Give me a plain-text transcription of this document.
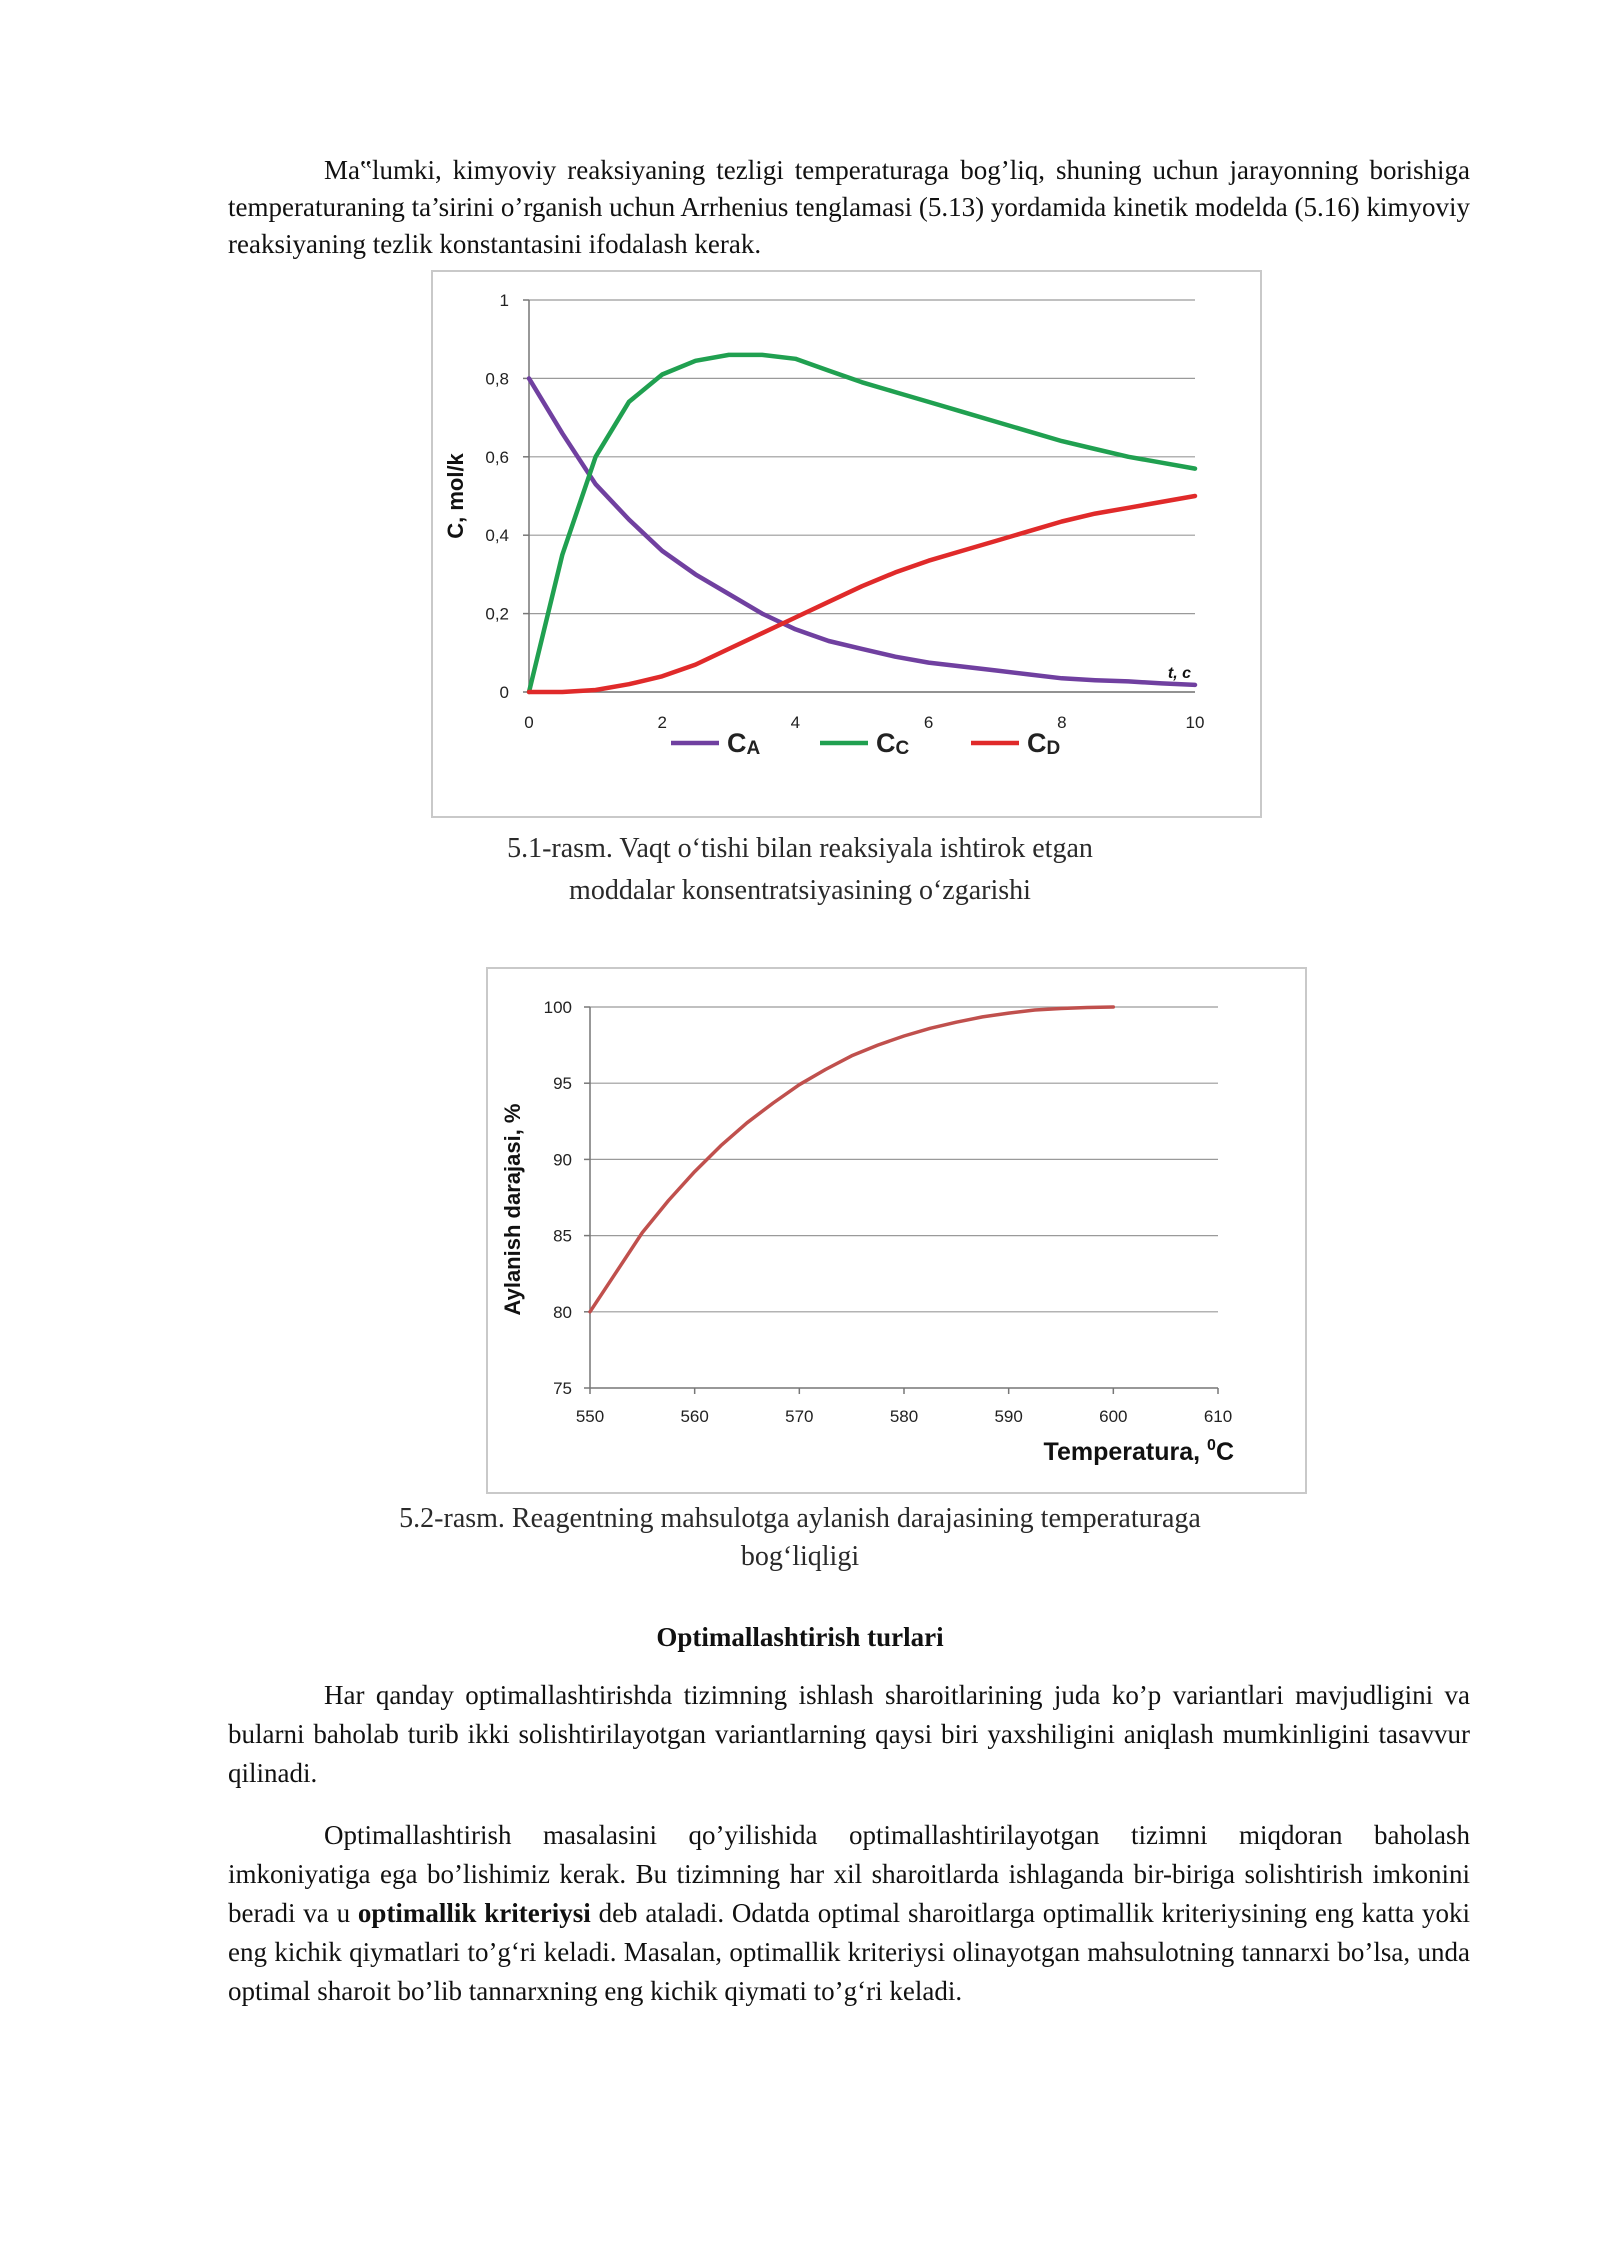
Ma‟lumki, kimyoviy reaksiyaning tezligi temperaturaga bog’liq, shuning uchun jarayonning borishiga temperaturaning ta’sirini o’rganish uchun Arrhenius tenglamasi (5.13) yordamida kinetik modelda (5.16) kimyoviy reaksiyaning tezlik konstantasini ifodalash kerak.

0
0,2
0,4
0,6
0,8
1
0	2	4	6	8	10
C, mol/k
t, c
CA	CC	CD
5.1-rasm. Vaqt o‘tishi bilan reaksiyala ishtirok etgan
moddalar konsentratsiyasining o‘zgarishi
75
80
85
90
95
100
550	560	570	580	590	600	610
Aylanish darajasi, %
Temperatura, $^0$C
5.2-rasm. Reagentning mahsulotga aylanish darajasining temperaturaga
bog‘liqligi
Optimallashtirish turlari

Har qanday optimallashtirishda tizimning ishlash sharoitlarining juda ko’p variantlari mavjudligini va bularni baholab turib ikki solishtirilayotgan variantlarning qaysi biri yaxshiligini aniqlash mumkinligini tasavvur qilinadi.

Optimallashtirish masalasini qo’yilishida optimallashtirilayotgan tizimni miqdoran baholash imkoniyatiga ega bo’lishimiz kerak. Bu tizimning har xil sharoitlarda ishlaganda bir-biriga solishtirish imkonini beradi va u optimallik kriteriysi deb ataladi. Odatda optimal sharoitlarga optimallik kriteriysining eng katta yoki eng kichik qiymatlari to’g‘ri keladi. Masalan, optimallik kriteriysi olinayotgan mahsulotning tannarxi bo’lsa, unda optimal sharoit bo’lib tannarxning eng kichik qiymati to’g‘ri keladi.
